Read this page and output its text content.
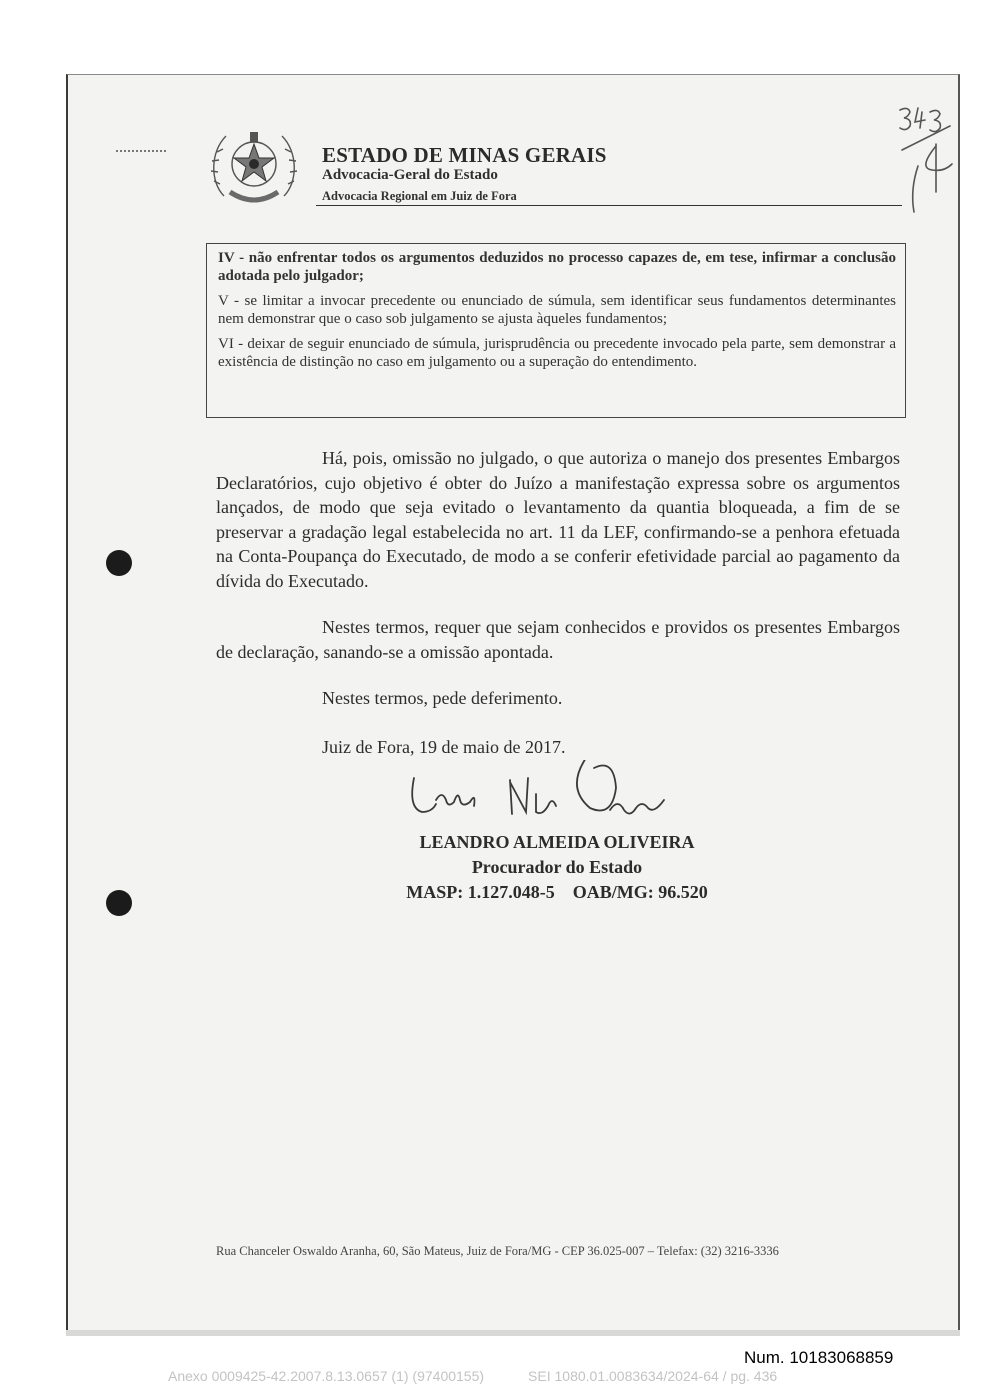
ESTADO DE MINAS GERAIS
Advocacia-Geral do Estado
Advocacia Regional em Juiz de Fora

IV - não enfrentar todos os argumentos deduzidos no processo capazes de, em tese, infirmar a conclusão adotada pelo julgador;

V - se limitar a invocar precedente ou enunciado de súmula, sem identificar seus fundamentos determinantes nem demonstrar que o caso sob julgamento se ajusta àqueles fundamentos;

VI - deixar de seguir enunciado de súmula, jurisprudência ou precedente invocado pela parte, sem demonstrar a existência de distinção no caso em julgamento ou a superação do entendimento.

Há, pois, omissão no julgado, o que autoriza o manejo dos presentes Embargos Declaratórios, cujo objetivo é obter do Juízo a manifestação expressa sobre os argumentos lançados, de modo que seja evitado o levantamento da quantia bloqueada, a fim de se preservar a gradação legal estabelecida no art. 11 da LEF, confirmando-se a penhora efetuada na Conta-Poupança do Executado, de modo a se conferir efetividade parcial ao pagamento da dívida do Executado.
Nestes termos, requer que sejam conhecidos e providos os presentes Embargos de declaração, sanando-se a omissão apontada.
Nestes termos, pede deferimento.
Juiz de Fora, 19 de maio de 2017.
LEANDRO ALMEIDA OLIVEIRA
Procurador do Estado
MASP: 1.127.048-5    OAB/MG: 96.520
Rua Chanceler Oswaldo Aranha, 60, São Mateus, Juiz de Fora/MG - CEP 36.025-007 – Telefax: (32) 3216-3336
Num. 10183068859
Anexo 0009425-42.2007.8.13.0657 (1) (97400155)	SEI 1080.01.0083634/2024-64 / pg. 436
